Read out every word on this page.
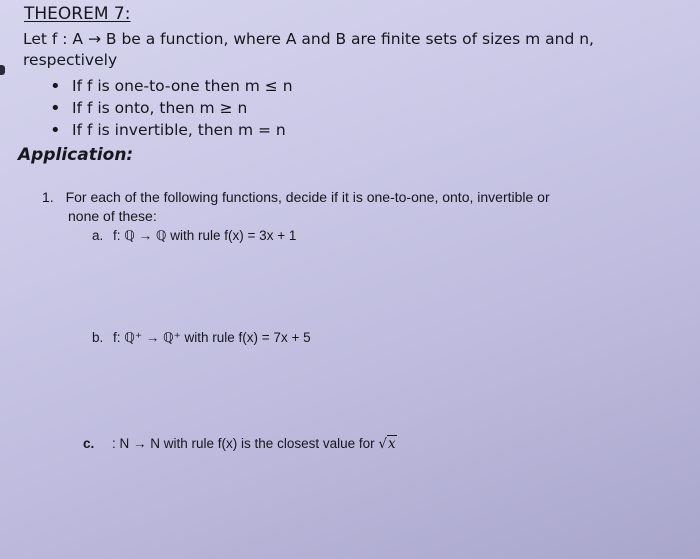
THEOREM 7:
Let f : A → B be a function, where A and B are finite sets of sizes m and n,
respectively
• If f is one-to-one then m ≤ n
• If f is onto, then m ≥ n
• If f is invertible, then m = n
Application:
1. For each of the following functions, decide if it is one-to-one, onto, invertible or
none of these:
a. f: ℚ → ℚ with rule f(x) = 3x + 1
b. f: ℚ⁺ → ℚ⁺ with rule f(x) = 7x + 5
c. : N → N with rule f(x) is the closest value for √x
